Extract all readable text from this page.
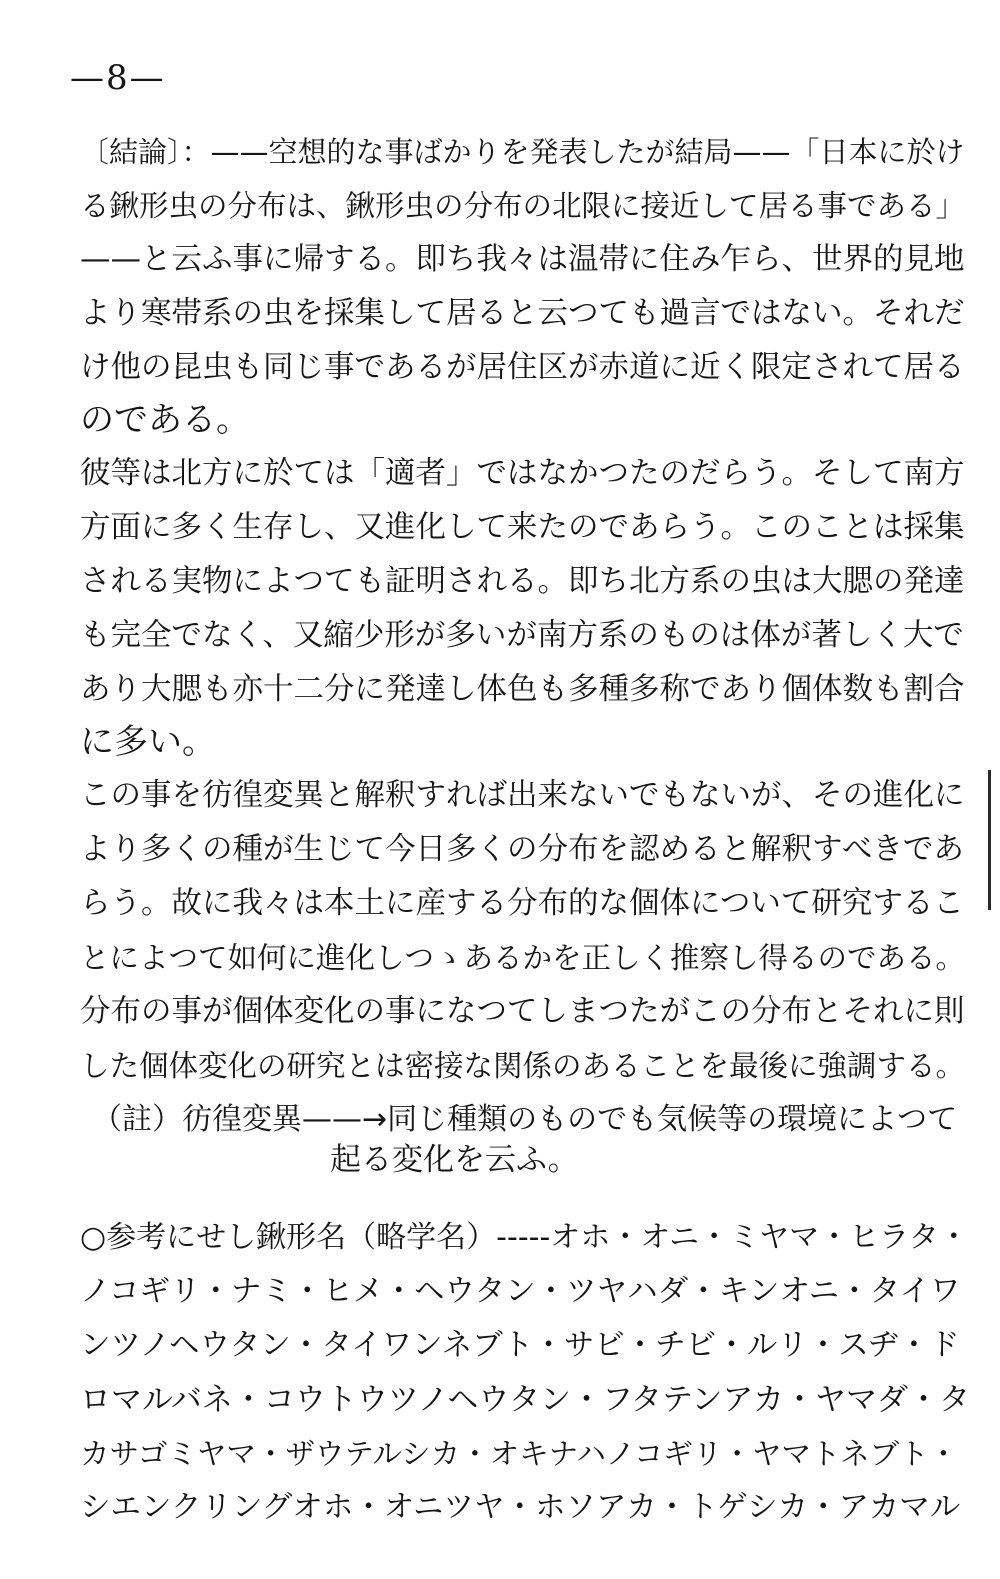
—8—
〔結論〕：——空想的な事ばかりを発表したが結局——「日本に於け
る鍬形虫の分布は、鍬形虫の分布の北限に接近して居る事である」
——と云ふ事に帰する。即ち我々は温帯に住み乍ら、世界的見地
より寒帯系の虫を採集して居ると云つても過言ではない。それだ
け他の昆虫も同じ事であるが居住区が赤道に近く限定されて居る
のである。
彼等は北方に於ては「適者」ではなかつたのだらう。そして南方
方面に多く生存し、又進化して来たのであらう。このことは採集
される実物によつても証明される。即ち北方系の虫は大腮の発達
も完全でなく、又縮少形が多いが南方系のものは体が著しく大で
あり大腮も亦十二分に発達し体色も多種多称であり個体数も割合
に多い。
この事を彷徨変異と解釈すれば出来ないでもないが、その進化に
より多くの種が生じて今日多くの分布を認めると解釈すべきであ
らう。故に我々は本土に産する分布的な個体について研究するこ
とによつて如何に進化しつゝあるかを正しく推察し得るのである。
分布の事が個体変化の事になつてしまつたがこの分布とそれに則
した個体変化の研究とは密接な関係のあることを最後に強調する。
（註）彷徨変異——→同じ種類のものでも気候等の環境によつて
起る変化を云ふ。
○参考にせし鍬形名（略学名）-----オホ・オニ・ミヤマ・ヒラタ・
ノコギリ・ナミ・ヒメ・ヘウタン・ツヤハダ・キンオニ・タイワ
ンツノヘウタン・タイワンネブト・サビ・チビ・ルリ・スヂ・ド
ロマルバネ・コウトウツノヘウタン・フタテンアカ・ヤマダ・タ
カサゴミヤマ・ザウテルシカ・オキナハノコギリ・ヤマトネブト・
シエンクリングオホ・オニツヤ・ホソアカ・トゲシカ・アカマル
